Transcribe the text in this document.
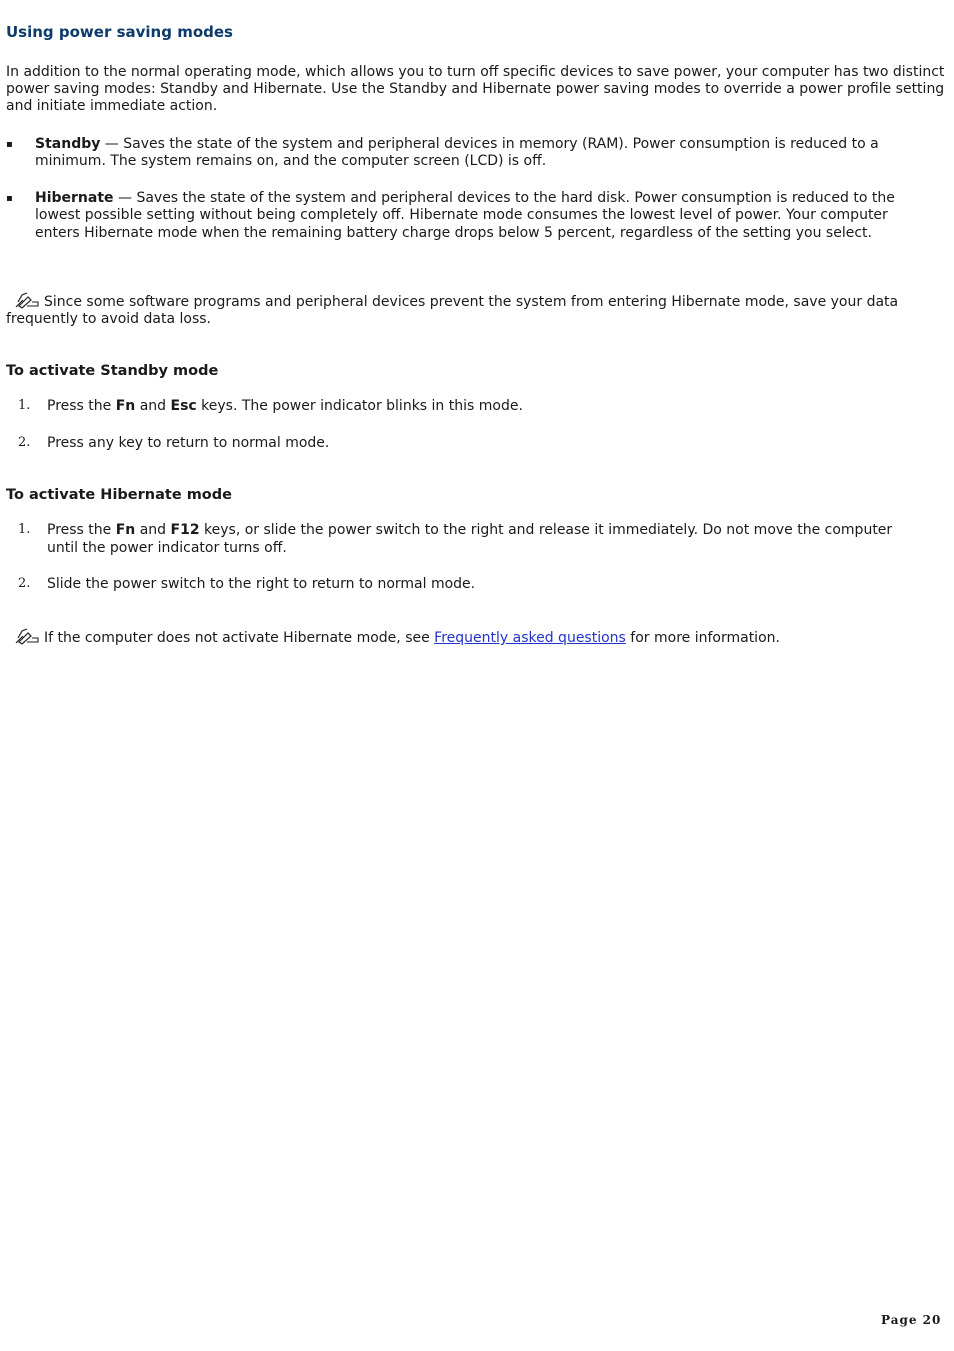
Using power saving modes

In addition to the normal operating mode, which allows you to turn off specific devices to save power, your computer has two distinct power saving modes: Standby and Hibernate. Use the Standby and Hibernate power saving modes to override a power profile setting and initiate immediate action.

▪ Standby — Saves the state of the system and peripheral devices in memory (RAM). Power consumption is reduced to a minimum. The system remains on, and the computer screen (LCD) is off.
▪ Hibernate — Saves the state of the system and peripheral devices to the hard disk. Power consumption is reduced to the lowest possible setting without being completely off. Hibernate mode consumes the lowest level of power. Your computer enters Hibernate mode when the remaining battery charge drops below 5 percent, regardless of the setting you select.
Since some software programs and peripheral devices prevent the system from entering Hibernate mode, save your data frequently to avoid data loss.
To activate Standby mode
1. Press the Fn and Esc keys. The power indicator blinks in this mode.
2. Press any key to return to normal mode.
To activate Hibernate mode
1. Press the Fn and F12 keys, or slide the power switch to the right and release it immediately. Do not move the computer until the power indicator turns off.
2. Slide the power switch to the right to return to normal mode.
If the computer does not activate Hibernate mode, see Frequently asked questions for more information.
Page 20
